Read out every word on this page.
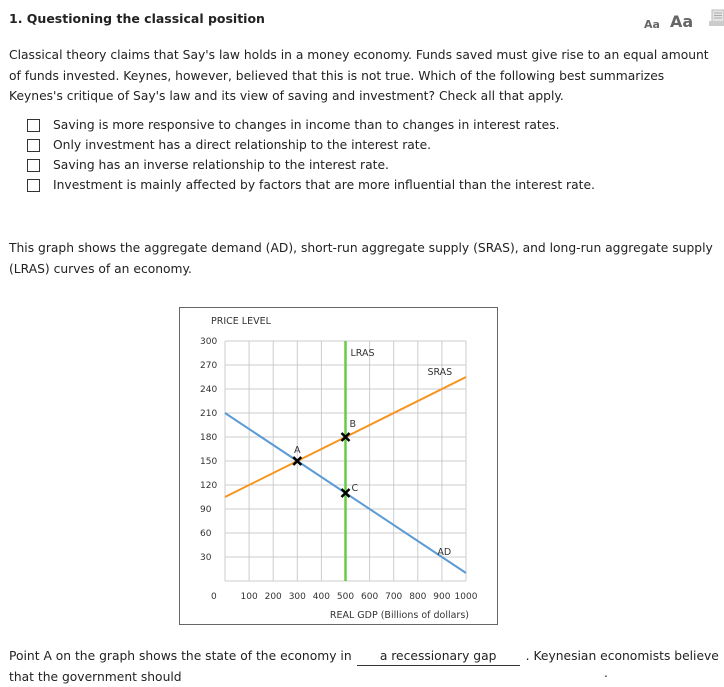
1. Questioning the classical position	Aa Aa
Classical theory claims that Say's law holds in a money economy. Funds saved must give rise to an equal amount of funds invested. Keynes, however, believed that this is not true. Which of the following best summarizes Keynes's critique of Say's law and its view of saving and investment? Check all that apply.
Saving is more responsive to changes in income than to changes in interest rates.
Only investment has a direct relationship to the interest rate.
Saving has an inverse relationship to the interest rate.
Investment is mainly affected by factors that are more influential than the interest rate.
This graph shows the aggregate demand (AD), short-run aggregate supply (SRAS), and long-run aggregate supply (LRAS) curves of an economy.
30
60
90
120
150
180
210
240
270
300
0	100 200 300 400 500 600 700 800 900 1000
PRICE LEVEL
REAL GDP (Billions of dollars)
LRAS
SRAS
AD
A
B
C
Point A on the graph shows the state of the economy in a recessionary gap . Keynesian economists believe that the government should	.
